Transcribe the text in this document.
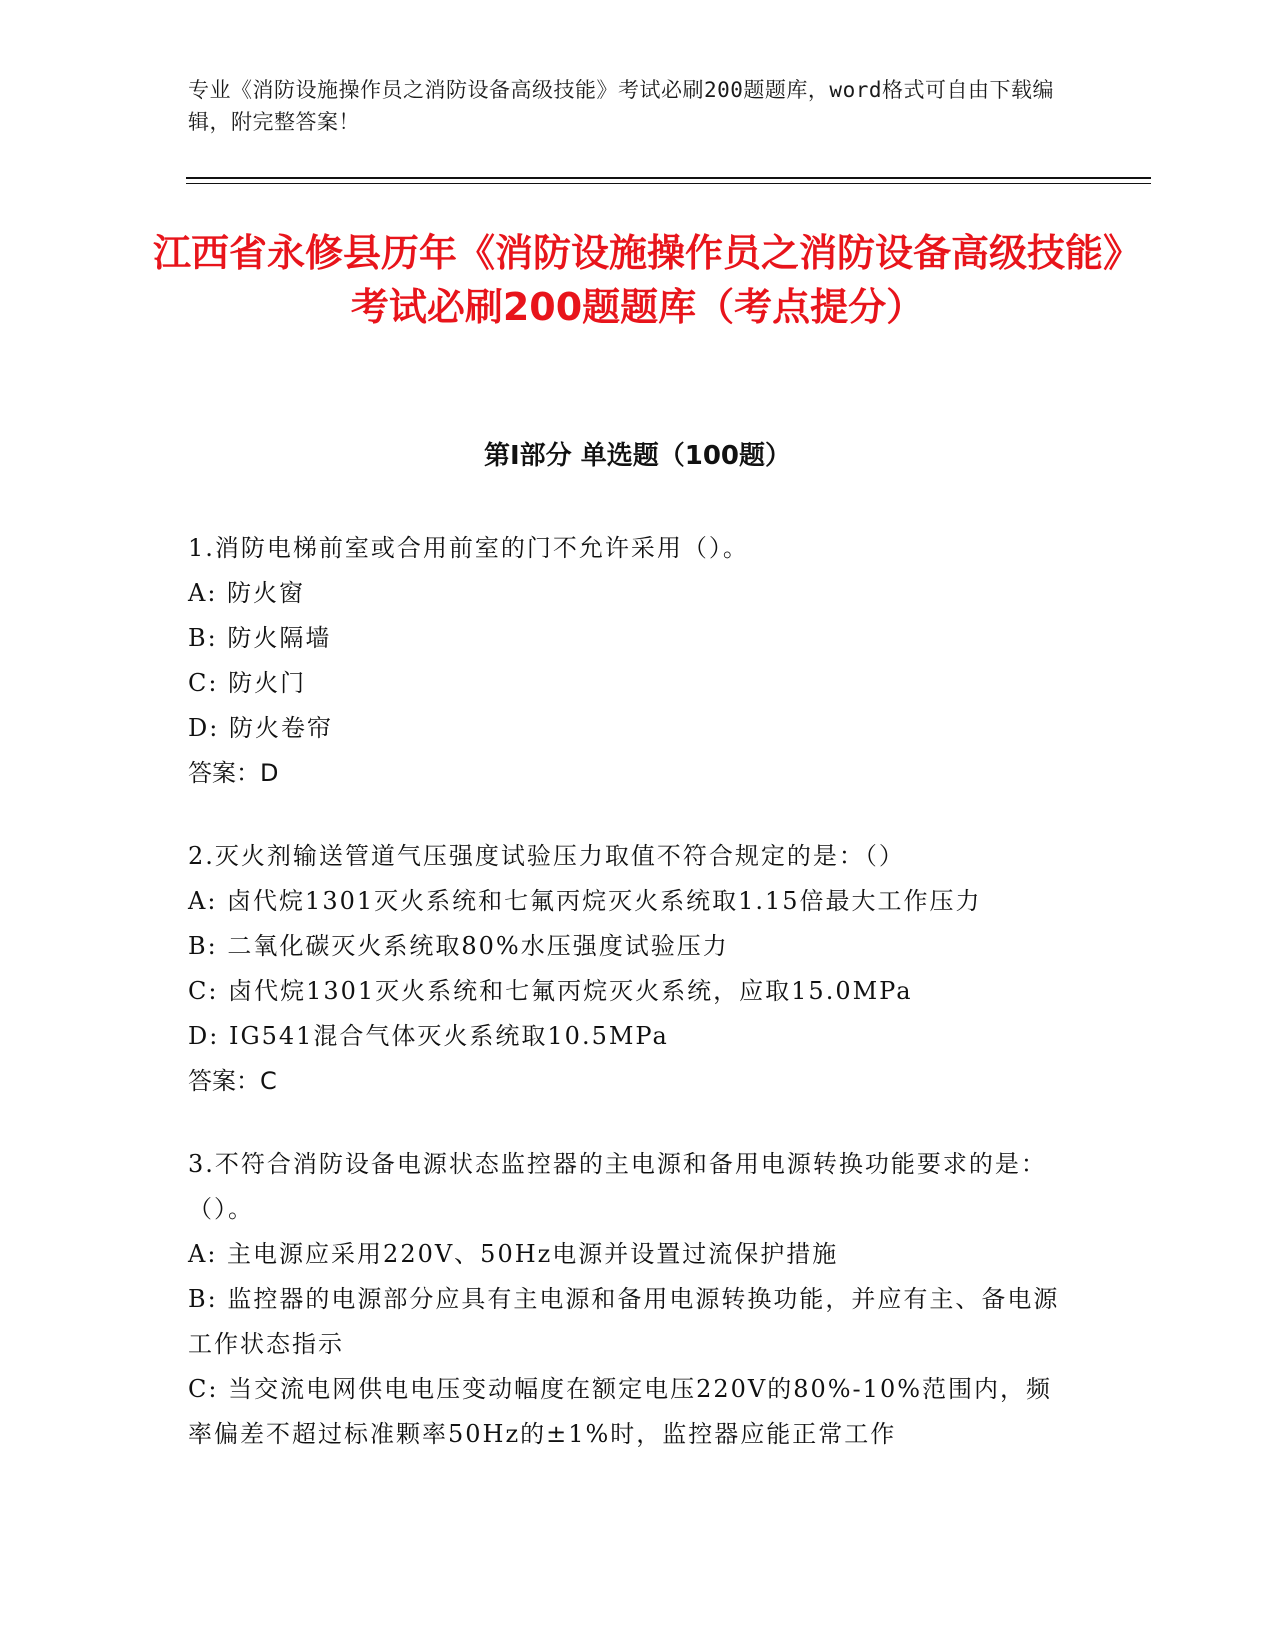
专业《消防设施操作员之消防设备高级技能》考试必刷200题题库，word格式可自由下载编辑，附完整答案！
江西省永修县历年《消防设施操作员之消防设备高级技能》考试必刷200题题库（考点提分）
第I部分 单选题（100题）
1.消防电梯前室或合用前室的门不允许采用（）。
A: 防火窗
B: 防火隔墙
C: 防火门
D: 防火卷帘
答案：D
2.灭火剂输送管道气压强度试验压力取值不符合规定的是：（）
A: 卤代烷1301灭火系统和七氟丙烷灭火系统取1.15倍最大工作压力
B: 二氧化碳灭火系统取80%水压强度试验压力
C: 卤代烷1301灭火系统和七氟丙烷灭火系统，应取15.0MPa
D: IG541混合气体灭火系统取10.5MPa
答案：C
3.不符合消防设备电源状态监控器的主电源和备用电源转换功能要求的是：（）。
A: 主电源应采用220V、50Hz电源并设置过流保护措施
B: 监控器的电源部分应具有主电源和备用电源转换功能，并应有主、备电源工作状态指示
C: 当交流电网供电电压变动幅度在额定电压220V的80%-10%范围内，频率偏差不超过标准颗率50Hz的±1%时，监控器应能正常工作
